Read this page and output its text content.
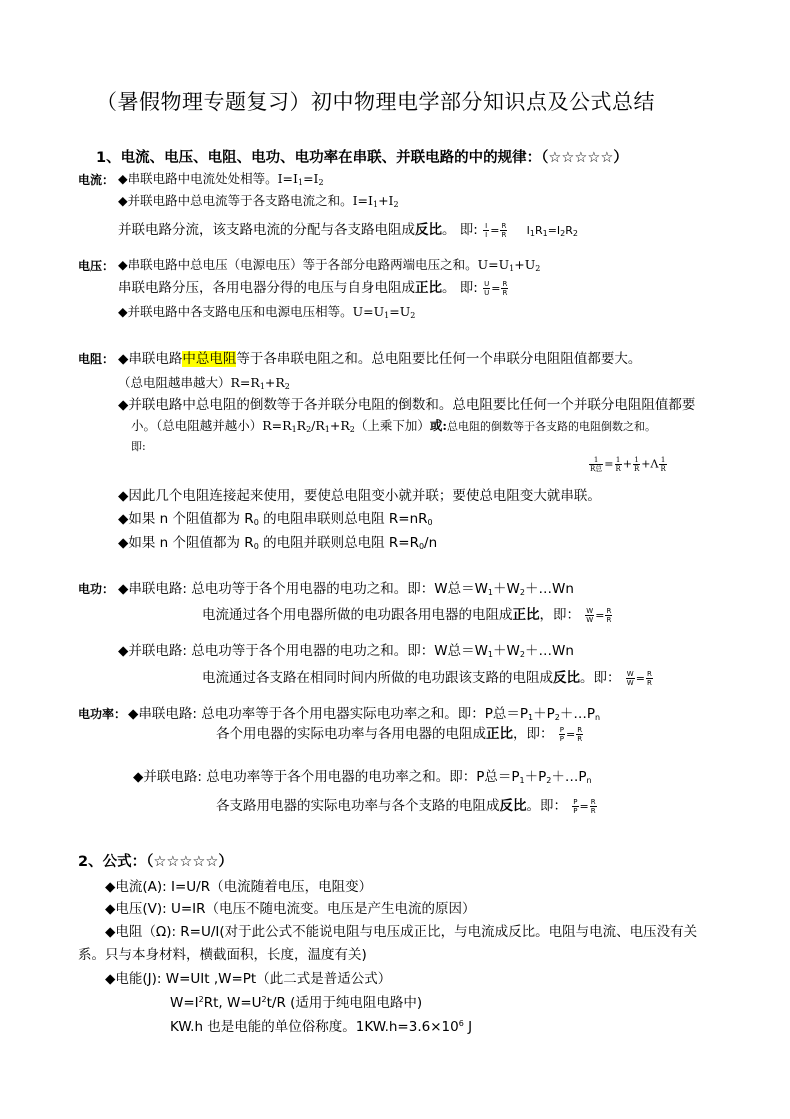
（暑假物理专题复习）初中物理电学部分知识点及公式总结
1、电流、电压、电阻、电功、电功率在串联、并联电路的中的规律：（☆☆☆☆☆）
电流： ◆串联电路中电流处处相等。$I=I_1=I_2$
◆并联电路中总电流等于各支路电流之和。$I=I_1+I_2$
并联电路分流，该支路电流的分配与各支路电阻成反比。 即: $\frac{I}{I} = \frac{R}{R} I_1R_1=I_2R_2$
电压： ◆串联电路中总电压（电源电压）等于各部分电路两端电压之和。$U=U_1+U_2$
串联电路分压，各用电器分得的电压与自身电阻成正比。 即: $\frac{U}{U} = \frac{R}{R}$
◆并联电路中各支路电压和电源电压相等。$U=U_1=U_2$
电阻： ◆串联电路中总电阻等于各串联电阻之和。总电阻要比任何一个串联分电阻阻值都要大。
（总电阻越串越大）$R=R_1+R_2$
◆并联电路中总电阻的倒数等于各并联分电阻的倒数和。总电阻要比任何一个并联分电阻阻值都要
小。（总电阻越并越小）$R=R_1R_2/R_1+R_2$（上乘下加）或:总电阻的倒数等于各支路的电阻倒数之和。
即:
$\frac{1}{\text{R总}} = \frac{1}{R} + \frac{1}{R} +\Lambda \frac{1}{R}$
◆因此几个电阻连接起来使用，要使总电阻变小就并联；要使总电阻变大就串联。
◆如果 n 个阻值都为 $R_0$ 的电阻串联则总电阻 $R=nR_0$
◆如果 n 个阻值都为 $R_0$ 的电阻并联则总电阻 $R=R_0/n$
电功： ◆串联电路: 总电功等于各个用电器的电功之和。即：W总$=W_1+W_2+\dots Wn$
电流通过各个用电器所做的电功跟各用电器的电阻成正比，即： $\frac{W}{W} = \frac{R}{R}$
◆并联电路: 总电功等于各个用电器的电功之和。即：W总$=W_1+W_2+\dots Wn$
电流通过各支路在相同时间内所做的电功跟该支路的电阻成反比。即： $\frac{W}{W} = \frac{R}{R}$
电功率： ◆串联电路: 总电功率等于各个用电器实际电功率之和。即：P总$=P_1+P_2+\dots P_n$
各个用电器的实际电功率与各用电器的电阻成正比，即： $\frac{P}{P} = \frac{R}{R}$
◆并联电路: 总电功率等于各个用电器的电功率之和。即：P总$=P_1+P_2+\dots P_n$
各支路用电器的实际电功率与各个支路的电阻成反比。即： $\frac{P}{P} = \frac{R}{R}$
2、公式：（☆☆☆☆☆）
◆电流(A): I=U/R（电流随着电压，电阻变）
◆电压(V): U=IR（电压不随电流变。电压是产生电流的原因）
◆电阻（Ω): R=U/I(对于此公式不能说电阻与电压成正比，与电流成反比。电阻与电流、电压没有关
系。只与本身材料，横截面积，长度，温度有关)
◆电能(J): W=UIt ,W=Pt（此二式是普适公式）
$W=I^2Rt$, $W=U^2t/R$ (适用于纯电阻电路中)
KW.h 也是电能的单位俗称度。$1KW.h=3.6\times 10^6$ J
